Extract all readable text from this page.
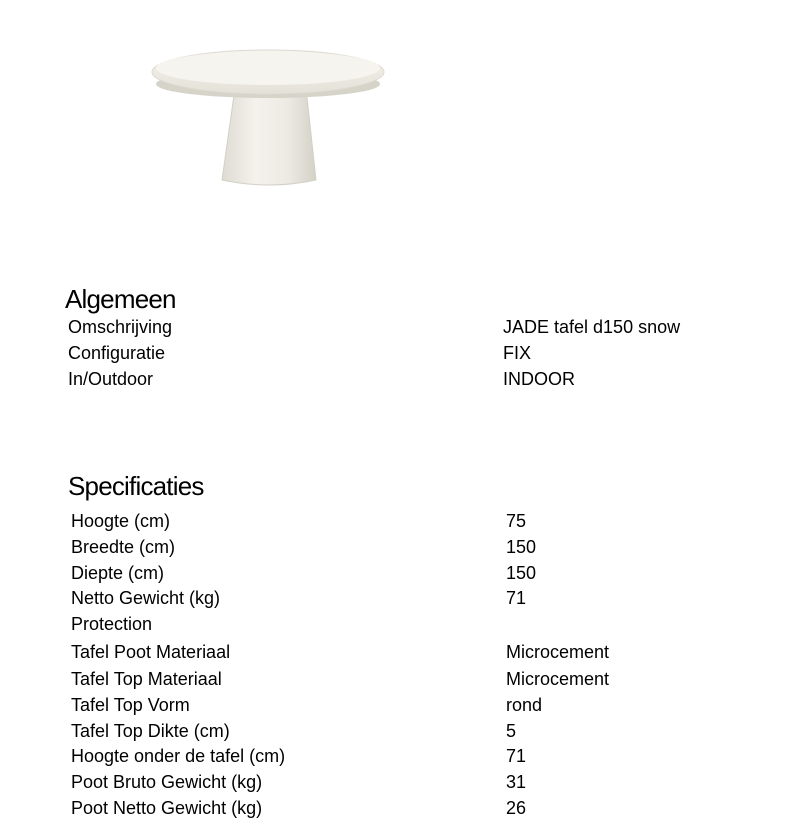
Algemeen
Omschrijving	JADE tafel d150 snow
Configuratie	FIX
In/Outdoor	INDOOR
Specificaties
Hoogte (cm)	75
Breedte (cm)	150
Diepte (cm)	150
Netto Gewicht (kg)	71
Protection	
Tafel Poot Materiaal	Microcement
Tafel Top Materiaal	Microcement
Tafel Top Vorm	rond
Tafel Top Dikte (cm)	5
Hoogte onder de tafel (cm)	71
Poot Bruto Gewicht (kg)	31
Poot Netto Gewicht (kg)	26
